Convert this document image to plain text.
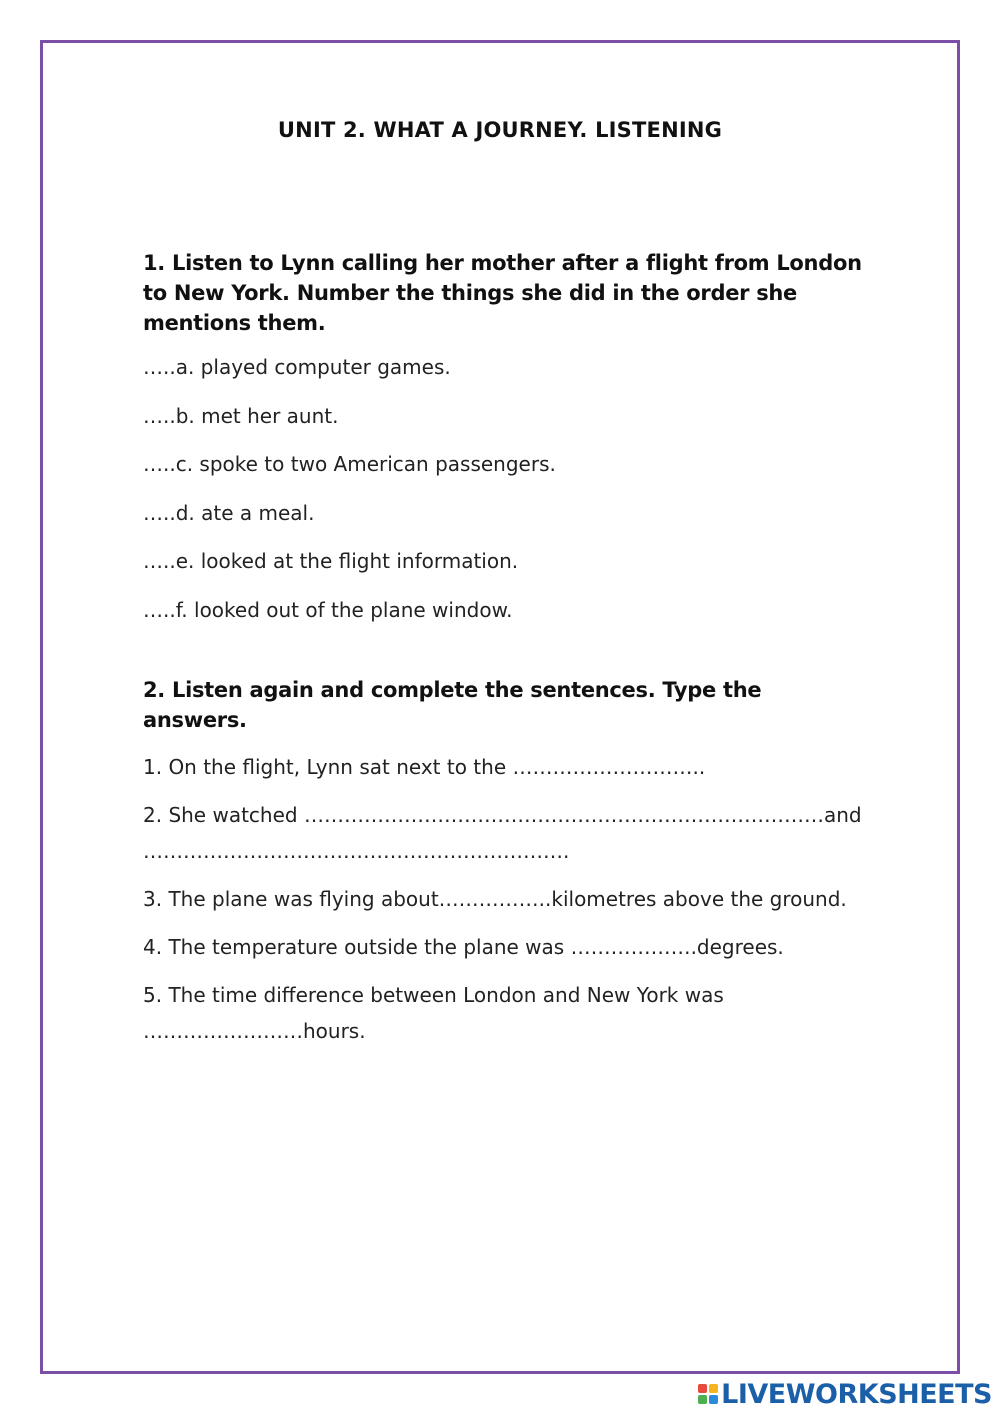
UNIT 2. WHAT A JOURNEY. LISTENING
1. Listen to Lynn calling her mother after a flight from London to New York. Number the things she did in the order she mentions them.
…..a. played computer games.
…..b. met her aunt.
…..c. spoke to two American passengers.
…..d. ate a meal.
…..e. looked at the flight information.
…..f. looked out of the plane window.
2. Listen again and complete the sentences. Type the answers.
1. On the flight, Lynn sat next to the ………………………..
2. She watched ……………………………………………………………………and ……………………………………………………….
3. The plane was flying about……………..kilometres above the ground.
4. The temperature outside the plane was ……………….degrees.
5. The time difference between London and New York was ……………………hours.
LIVEWORKSHEETS
